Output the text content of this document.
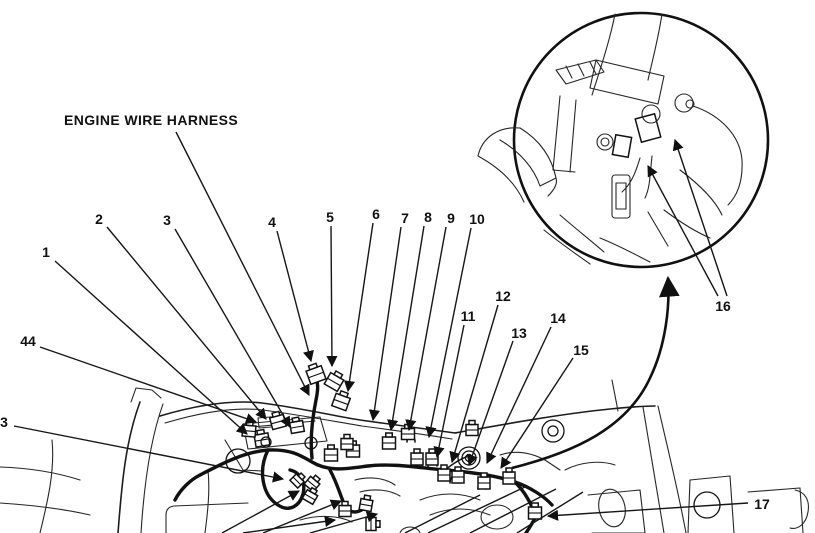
1
2	3	4	5	6 7 8 9 10
11
12
13
14
15
16
17
44
3
ENGINE WIRE HARNESS
